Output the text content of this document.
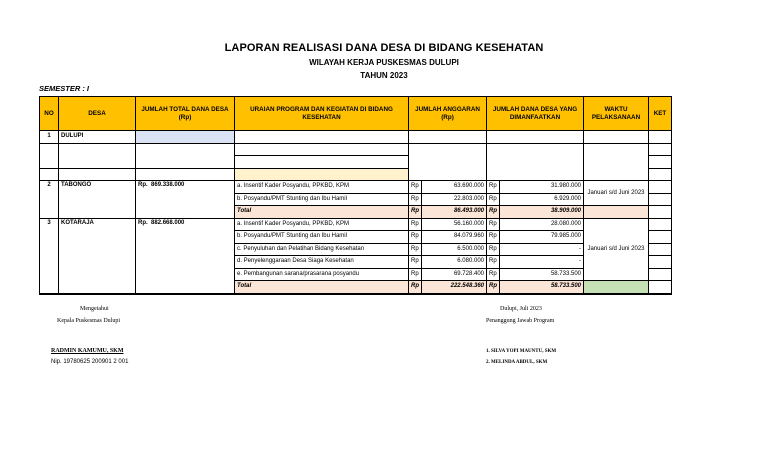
LAPORAN REALISASI DANA DESA DI BIDANG KESEHATAN
WILAYAH KERJA PUSKESMAS DULUPI
TAHUN 2023
SEMESTER : I
NO	DESA	JUMLAH TOTAL DANA DESA (Rp)	URAIAN PROGRAM DAN KEGIATAN DI BIDANG KESEHATAN	JUMLAH ANGGARAN (Rp)		JUMLAH DANA DESA YANG DIMANFAATKAN		WAKTU PELAKSANAAN	KET
1	DULUPI								

2	TABONGO	Rp. 869.338.000	a. Insentif Kader Posyandu, PPKBD, KPM	Rp	63.690.000	Rp	31.980.000	Januari s/d Juni 2023	
			b. Posyandu/PMT Stunting dan Ibu Hamil	Rp	22.803.000	Rp	6.929.000		
			Total	Rp	86.493.000	Rp	38.909.000		
3	KOTARAJA	Rp. 882.668.000	a. Insentif Kader Posyandu, PPKBD, KPM	Rp	56.160.000	Rp	28.080.000	Januari s/d Juni 2023	
			b. Posyandu/PMT Stunting dan Ibu Hamil	Rp	84.079.960	Rp	79.985.000		
			c. Penyuluhan dan Pelatihan Bidang Kesehatan	Rp	6.500.000	Rp	-		
			d. Penyelenggaraan Desa Siaga Kesehatan	Rp	6.080.000	Rp	-		
			e. Pembangunan sarana/prasarana posyandu	Rp	69.728.400	Rp	58.733.500		
			Total	Rp	222.548.360	Rp	58.733.500		
Mengetahui
Kepala Puskesmas Dulupi
RADMIN KAMUMU, SKM
Nip. 19780625 200901 2 001
Dulupi, Juli 2023
Penanggung Jawab Program
1. SILVA YOPI MAUNTU, SKM
2. MELINDA ABDUL, SKM
